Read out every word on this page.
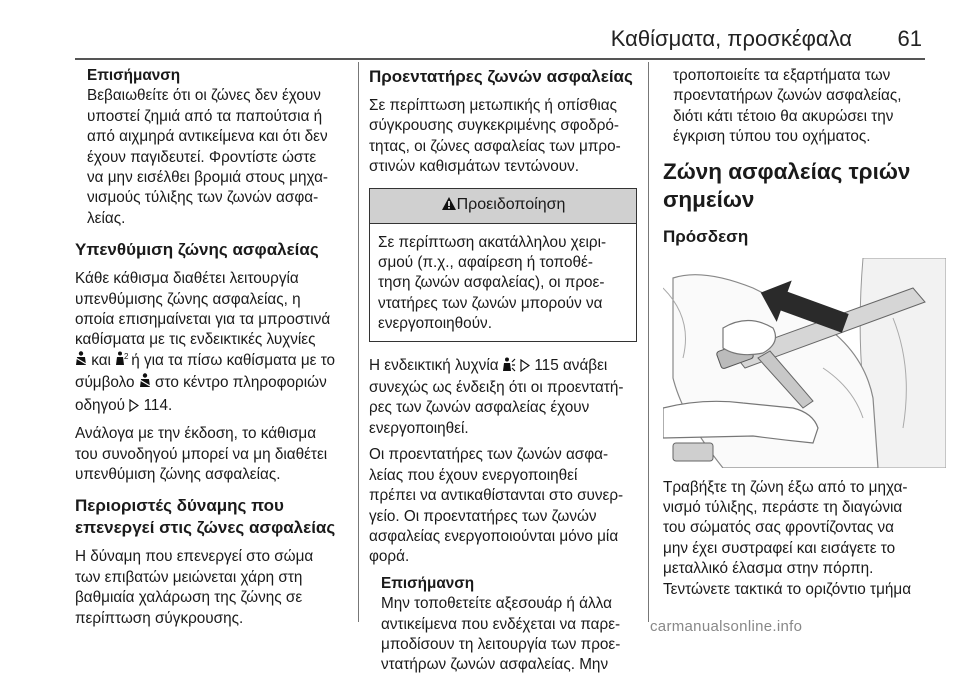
Καθίσματα, προσκέφαλα 61
Επισήμανση
Βεβαιωθείτε ότι οι ζώνες δεν έχουν
υποστεί ζημιά από τα παπούτσια ή
από αιχμηρά αντικείμενα και ότι δεν
έχουν παγιδευτεί. Φροντίστε ώστε
να μην εισέλθει βρομιά στους μηχα-
νισμούς τύλιξης των ζωνών ασφα-
λείας.
Υπενθύμιση ζώνης ασφαλείας

Κάθε κάθισμα διαθέτει λειτουργία
υπενθύμισης ζώνης ασφαλείας, η
οποία επισημαίνεται για τα μπροστινά
καθίσματα με τις ενδεικτικές λυχνίες
και 2 ή για τα πίσω καθίσματα με το
σύμβολο  στο κέντρο πληροφοριών
οδηγού  114.

Ανάλογα με την έκδοση, το κάθισμα
του συνοδηγού μπορεί να μη διαθέτει
υπενθύμιση ζώνης ασφαλείας.

Περιοριστές δύναμης που
επενεργεί στις ζώνες ασφαλείας

Η δύναμη που επενεργεί στο σώμα
των επιβατών μειώνεται χάρη στη
βαθμιαία χαλάρωση της ζώνης σε
περίπτωση σύγκρουσης.

Προεντατήρες ζωνών ασφαλείας

Σε περίπτωση μετωπικής ή οπίσθιας
σύγκρουσης συγκεκριμένης σφοδρό-
τητας, οι ζώνες ασφαλείας των μπρο-
στινών καθισμάτων τεντώνουν.

Προειδοποίηση
Σε περίπτωση ακατάλληλου χειρι-
σμού (π.χ., αφαίρεση ή τοποθέ-
τηση ζωνών ασφαλείας), οι προε-
ντατήρες των ζωνών μπορούν να
ενεργοποιηθούν.

Η ενδεικτική λυχνία   115 ανάβει
συνεχώς ως ένδειξη ότι οι προεντατή-
ρες των ζωνών ασφαλείας έχουν
ενεργοποιηθεί.

Οι προεντατήρες των ζωνών ασφα-
λείας που έχουν ενεργοποιηθεί
πρέπει να αντικαθίστανται στο συνερ-
γείο. Οι προεντατήρες των ζωνών
ασφαλείας ενεργοποιούνται μόνο μία
φορά.

Επισήμανση
Μην τοποθετείτε αξεσουάρ ή άλλα
αντικείμενα που ενδέχεται να παρε-
μποδίσουν τη λειτουργία των προε-
ντατήρων ζωνών ασφαλείας. Μην
τροποποιείτε τα εξαρτήματα των
προεντατήρων ζωνών ασφαλείας,
διότι κάτι τέτοιο θα ακυρώσει την
έγκριση τύπου του οχήματος.
Ζώνη ασφαλείας τριών
σημείων
Πρόσδεση

Τραβήξτε τη ζώνη έξω από το μηχα-
νισμό τύλιξης, περάστε τη διαγώνια
του σώματός σας φροντίζοντας να
μην έχει συστραφεί και εισάγετε το
μεταλλικό έλασμα στην πόρπη.
Τεντώνετε τακτικά το οριζόντιο τμήμα

carmanualsonline.info
